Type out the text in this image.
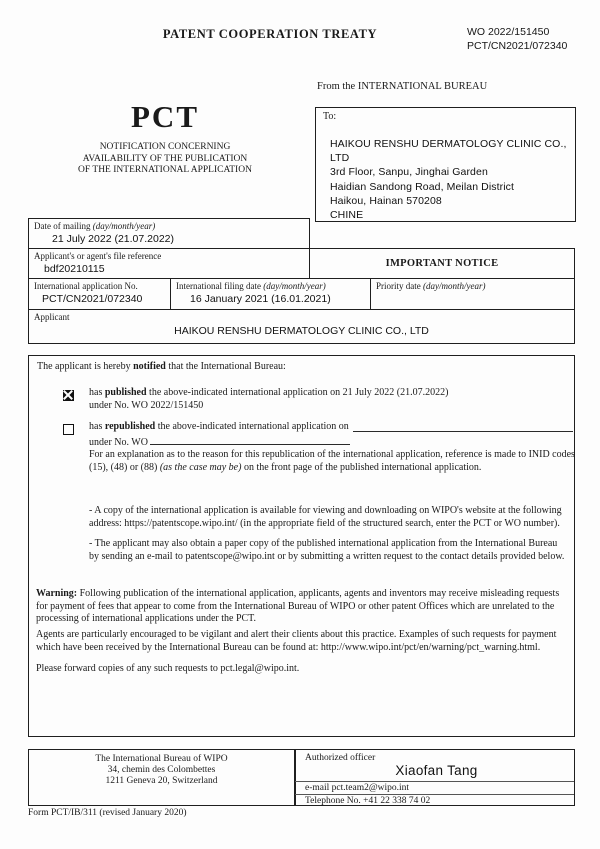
PATENT COOPERATION TREATY	WO 2022/151450
PCT/CN2021/072340
From the INTERNATIONAL BUREAU
PCT
NOTIFICATION CONCERNING
AVAILABILITY OF THE PUBLICATION
OF THE INTERNATIONAL APPLICATION
To:
HAIKOU RENSHU DERMATOLOGY CLINIC CO.,
LTD
3rd Floor, Sanpu, Jinghai Garden
Haidian Sandong Road, Meilan District
Haikou, Hainan 570208
CHINE
Date of mailing (day/month/year)
21 July 2022 (21.07.2022)
Applicant's or agent's file reference
bdf20210115	IMPORTANT NOTICE
International application No.
PCT/CN2021/072340
International filing date (day/month/year)
16 January 2021 (16.01.2021)
Priority date (day/month/year)
Applicant
HAIKOU RENSHU DERMATOLOGY CLINIC CO., LTD
The applicant is hereby notified that the International Bureau:
has published the above-indicated international application on 21 July 2022 (21.07.2022)
under No. WO 2022/151450
has republished the above-indicated international application on
under No. WO
For an explanation as to the reason for this republication of the international application, reference is made to INID codes (15), (48) or (88) (as the case may be) on the front page of the published international application.
- A copy of the international application is available for viewing and downloading on WIPO's website at the following address: https://patentscope.wipo.int/ (in the appropriate field of the structured search, enter the PCT or WO number).
- The applicant may also obtain a paper copy of the published international application from the International Bureau by sending an e-mail to patentscope@wipo.int or by submitting a written request to the contact details provided below.
Warning: Following publication of the international application, applicants, agents and inventors may receive misleading requests for payment of fees that appear to come from the International Bureau of WIPO or other patent Offices which are unrelated to the processing of international applications under the PCT.
Agents are particularly encouraged to be vigilant and alert their clients about this practice. Examples of such requests for payment which have been received by the International Bureau can be found at: http://www.wipo.int/pct/en/warning/pct_warning.html.
Please forward copies of any such requests to pct.legal@wipo.int.
The International Bureau of WIPO
34, chemin des Colombettes
1211 Geneva 20, Switzerland
Authorized officer
Xiaofan Tang
e-mail pct.team2@wipo.int
Telephone No. +41 22 338 74 02
Form PCT/IB/311 (revised January 2020)
